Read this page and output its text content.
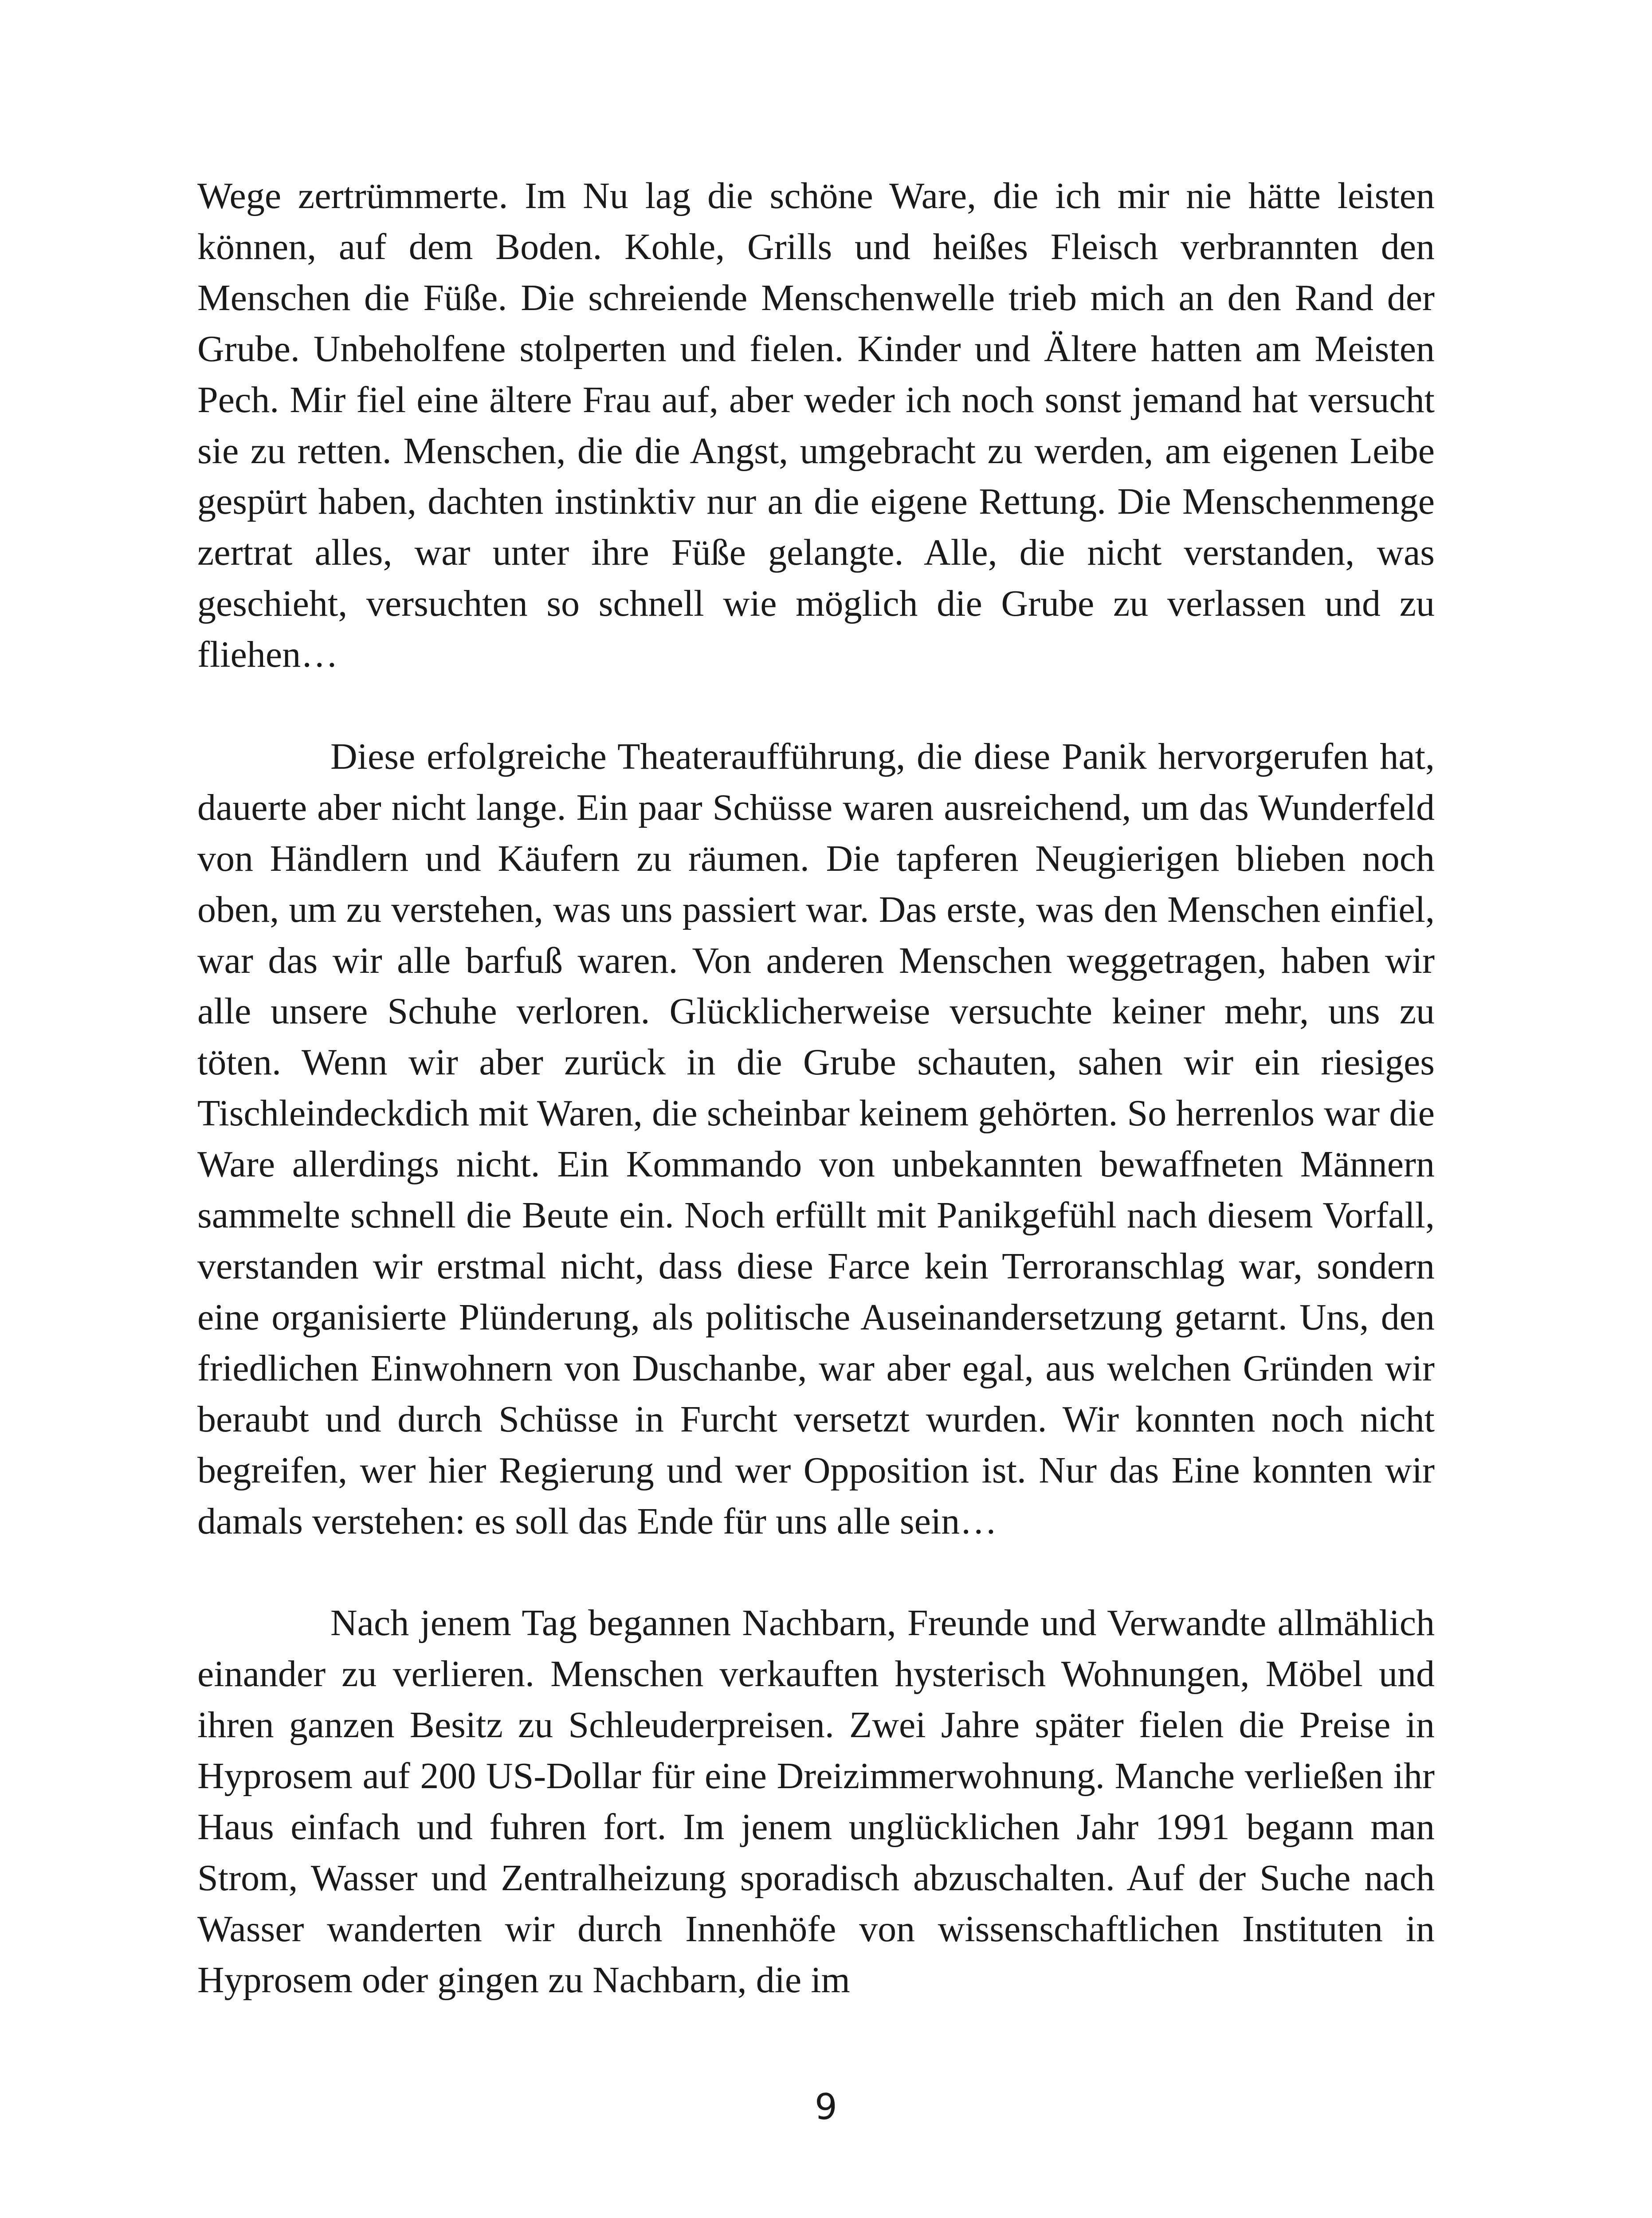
Wege zertrümmerte. Im Nu lag die schöne Ware, die ich mir nie hätte leisten können, auf dem Boden. Kohle, Grills und heißes Fleisch verbrannten den Menschen die Füße. Die schreiende Menschenwelle trieb mich an den Rand der Grube. Unbeholfene stolperten und fielen. Kinder und Ältere hatten am Meisten Pech. Mir fiel eine ältere Frau auf, aber weder ich noch sonst jemand hat versucht sie zu retten. Menschen, die die Angst, umgebracht zu werden, am eigenen Leibe gespürt haben, dachten instinktiv nur an die eigene Rettung. Die Menschenmenge zertrat alles, war unter ihre Füße gelangte. Alle, die nicht verstanden, was geschieht, versuchten so schnell wie möglich die Grube zu verlassen und zu fliehen…

Diese erfolgreiche Theateraufführung, die diese Panik hervorgerufen hat, dauerte aber nicht lange. Ein paar Schüsse waren ausreichend, um das Wunderfeld von Händlern und Käufern zu räumen. Die tapferen Neugierigen blieben noch oben, um zu verstehen, was uns passiert war. Das erste, was den Menschen einfiel, war das wir alle barfuß waren. Von anderen Menschen weggetragen, haben wir alle unsere Schuhe verloren. Glücklicherweise versuchte keiner mehr, uns zu töten. Wenn wir aber zurück in die Grube schauten, sahen wir ein riesiges Tischleindeckdich mit Waren, die scheinbar keinem gehörten. So herrenlos war die Ware allerdings nicht. Ein Kommando von unbekannten bewaffneten Männern sammelte schnell die Beute ein. Noch erfüllt mit Panikgefühl nach diesem Vorfall, verstanden wir erstmal nicht, dass diese Farce kein Terroranschlag war, sondern eine organisierte Plünderung, als politische Auseinandersetzung getarnt. Uns, den friedlichen Einwohnern von Duschanbe, war aber egal, aus welchen Gründen wir beraubt und durch Schüsse in Furcht versetzt wurden. Wir konnten noch nicht begreifen, wer hier Regierung und wer Opposition ist. Nur das Eine konnten wir damals verstehen: es soll das Ende für uns alle sein…

Nach jenem Tag begannen Nachbarn, Freunde und Verwandte allmählich einander zu verlieren. Menschen verkauften hysterisch Wohnungen, Möbel und ihren ganzen Besitz zu Schleuderpreisen. Zwei Jahre später fielen die Preise in Hyprosem auf 200 US-Dollar für eine Dreizimmerwohnung. Manche verließen ihr Haus einfach und fuhren fort. Im jenem unglücklichen Jahr 1991 begann man Strom, Wasser und Zentralheizung sporadisch abzuschalten. Auf der Suche nach Wasser wanderten wir durch Innenhöfe von wissenschaftlichen Instituten in Hyprosem oder gingen zu Nachbarn, die im

9
